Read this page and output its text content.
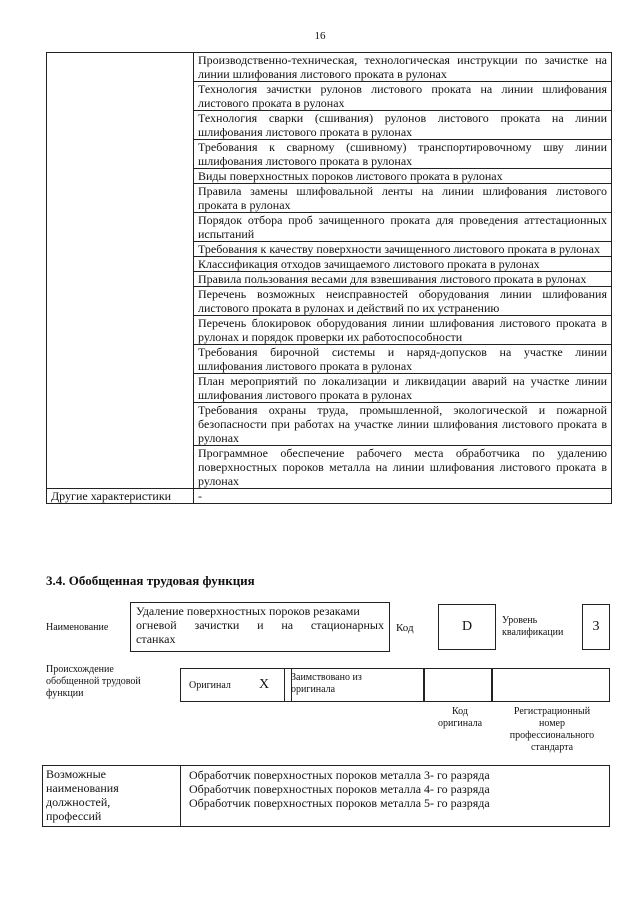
16
	Производственно-техническая, технологическая инструкции по зачистке на линии шлифования листового проката в рулонах
	Технология зачистки рулонов листового проката на линии шлифования листового проката в рулонах
	Технология сварки (сшивания) рулонов листового проката на линии шлифования листового проката в рулонах
	Требования к сварному (сшивному) транспортировочному шву линии шлифования листового проката в рулонах
	Виды поверхностных пороков листового проката в рулонах
	Правила замены шлифовальной ленты на линии шлифования листового проката в рулонах
	Порядок отбора проб зачищенного проката для проведения аттестационных испытаний
	Требования к качеству поверхности зачищенного листового проката в рулонах
	Классификация отходов зачищаемого листового проката в рулонах
	Правила пользования весами для взвешивания листового проката в рулонах
	Перечень возможных неисправностей оборудования линии шлифования листового проката в рулонах и действий по их устранению
	Перечень блокировок оборудования линии шлифования листового проката в рулонах и порядок проверки их работоспособности
	Требования бирочной системы и наряд-допусков на участке линии шлифования листового проката в рулонах
	План мероприятий по локализации и ликвидации аварий на участке линии шлифования листового проката в рулонах
	Требования охраны труда, промышленной, экологической и пожарной безопасности при работах на участке линии шлифования листового проката в рулонах
	Программное обеспечение рабочего места обработчика по удалению поверхностных пороков металла на линии шлифования листового проката в рулонах
Другие характеристики	-
3.4. Обобщенная трудовая функция
Наименование
Удаление поверхностных пороков резаками
огневой зачистки и на стационарных
станках
Код	D	Уровень
квалификации	3
Происхождение
обобщенной трудовой
функции
Оригинал X Заимствовано из
оригинала
Код
оригинала
Регистрационный
номер
профессионального
стандарта
Возможные
наименования
должностей,
профессий
Обработчик поверхностных пороков металла 3- го разряда
Обработчик поверхностных пороков металла 4- го разряда
Обработчик поверхностных пороков металла 5- го разряда
